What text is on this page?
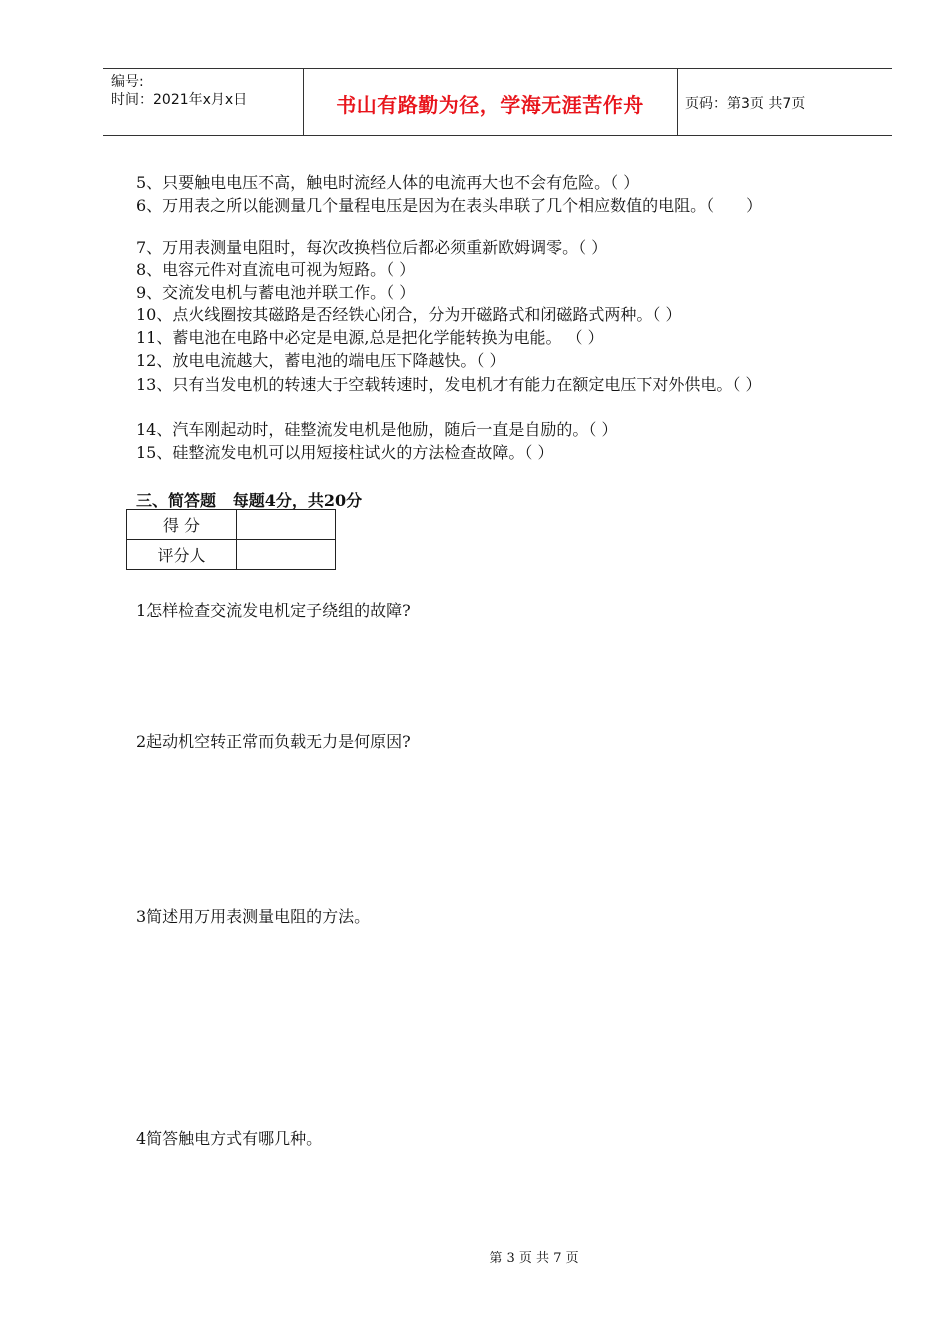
编号:
时间：2021年x月x日	书山有路勤为径，学海无涯苦作舟	页码：第3页 共7页
5、只要触电电压不高，触电时流经人体的电流再大也不会有危险。（ ）
6、万用表之所以能测量几个量程电压是因为在表头串联了几个相应数值的电阻。（　　）
7、万用表测量电阻时，每次改换档位后都必须重新欧姆调零。（ ）
8、电容元件对直流电可视为短路。（ ）
9、交流发电机与蓄电池并联工作。（ ）
10、点火线圈按其磁路是否经铁心闭合，分为开磁路式和闭磁路式两种。（ ）
11、蓄电池在电路中必定是电源,总是把化学能转换为电能。 （ ）
12、放电电流越大，蓄电池的端电压下降越快。（ ）
13、只有当发电机的转速大于空载转速时，发电机才有能力在额定电压下对外供电。（ ）
14、汽车刚起动时，硅整流发电机是他励，随后一直是自励的。（ ）
15、硅整流发电机可以用短接柱试火的方法检查故障。（ ）
三、简答题   每题4分，共20分
得 分	
评分人	
1怎样检查交流发电机定子绕组的故障?
2起动机空转正常而负载无力是何原因?
3简述用万用表测量电阻的方法。
4简答触电方式有哪几种。
第 3 页 共 7 页
